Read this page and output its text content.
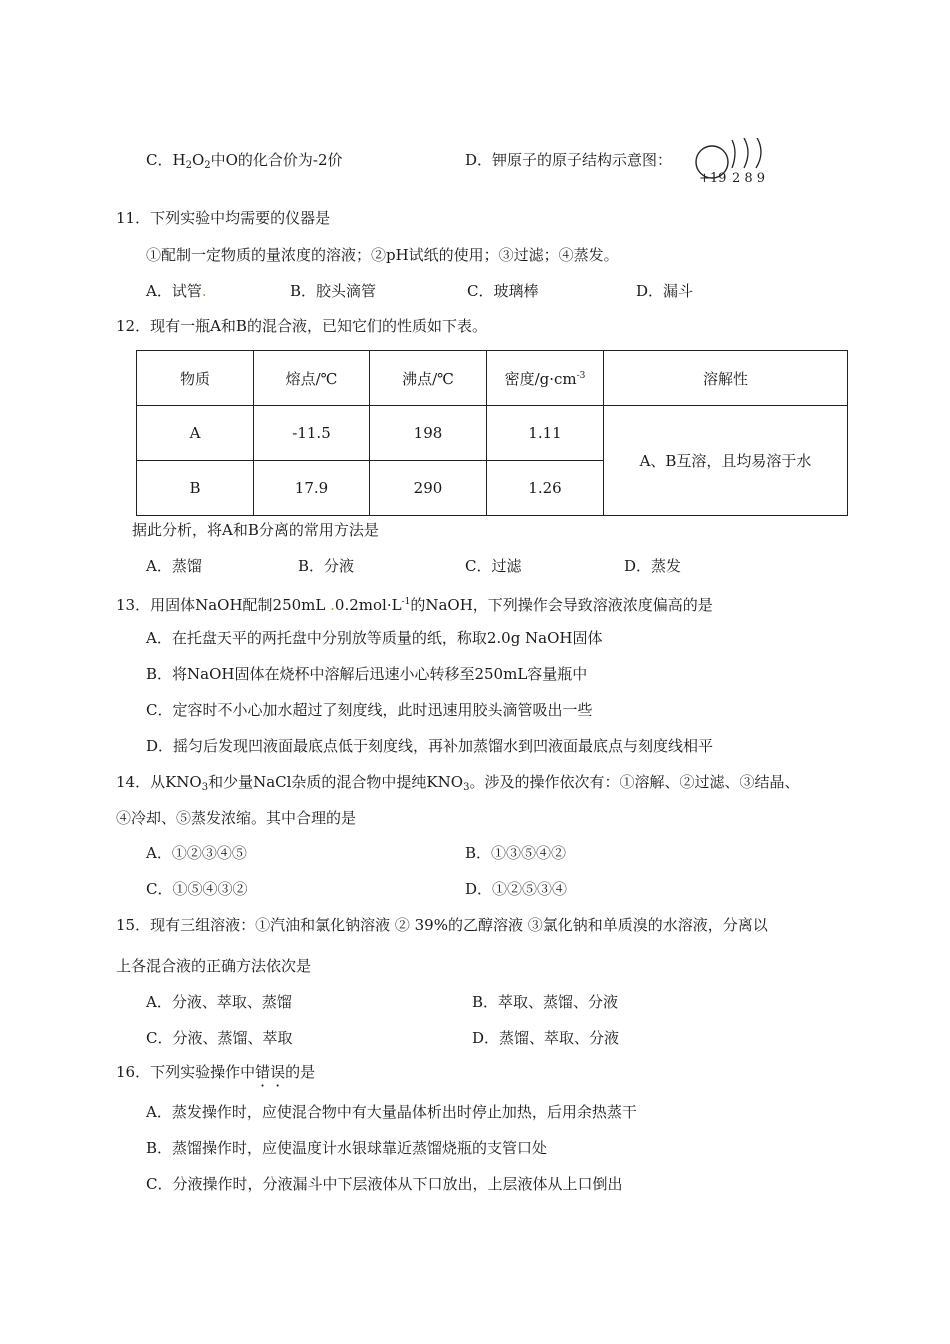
C．$H_2O_2$中O的化合价为-2价	D．钾原子的原子结构示意图：
+19 2 8 9
11．下列实验中均需要的仪器是
①配制一定物质的量浓度的溶液；②pH试纸的使用；③过滤；④蒸发。
A．试管.	B．胶头滴管	C．玻璃棒	D．漏斗
12．现有一瓶A和B的混合液，已知它们的性质如下表。
物质	熔点/℃	沸点/℃	密度$/g\cdot cm^{-3}$	溶解性
A	-11.5	198	1.11	A、B互溶，且均易溶于水
B	17.9	290	1.26	
据此分析，将A和B分离的常用方法是
A．蒸馏	B．分液	C．过滤	D．蒸发
13．用固体NaOH配制250mL $.0.2mol\cdot L^{-1}$的NaOH，下列操作会导致溶液浓度偏高的是
A．在托盘天平的两托盘中分别放等质量的纸，称取2.0g NaOH固体
B．将NaOH固体在烧杯中溶解后迅速小心转移至250mL容量瓶中
C．定容时不小心加水超过了刻度线，此时迅速用胶头滴管吸出一些
D．摇匀后发现凹液面最底点低于刻度线，再补加蒸馏水到凹液面最底点与刻度线相平
14．从$KNO_3$和少量NaCl杂质的混合物中提纯$KNO_3$。涉及的操作依次有：①溶解、②过滤、③结晶、
④冷却、⑤蒸发浓缩。其中合理的是
A．①②③④⑤	B．①③⑤④②
C．①⑤④③②	D．①②⑤③④
15．现有三组溶液：①汽油和氯化钠溶液 ② 39%的乙醇溶液 ③氯化钠和单质溴的水溶液，分离以
上各混合液的正确方法依次是
A．分液、萃取、蒸馏	B．萃取、蒸馏、分液
C．分液、蒸馏、萃取	D．蒸馏、萃取、分液
16．下列实验操作中错误的是
A．蒸发操作时，应使混合物中有大量晶体析出时停止加热，后用余热蒸干
B．蒸馏操作时，应使温度计水银球靠近蒸馏烧瓶的支管口处
C．分液操作时，分液漏斗中下层液体从下口放出，上层液体从上口倒出
